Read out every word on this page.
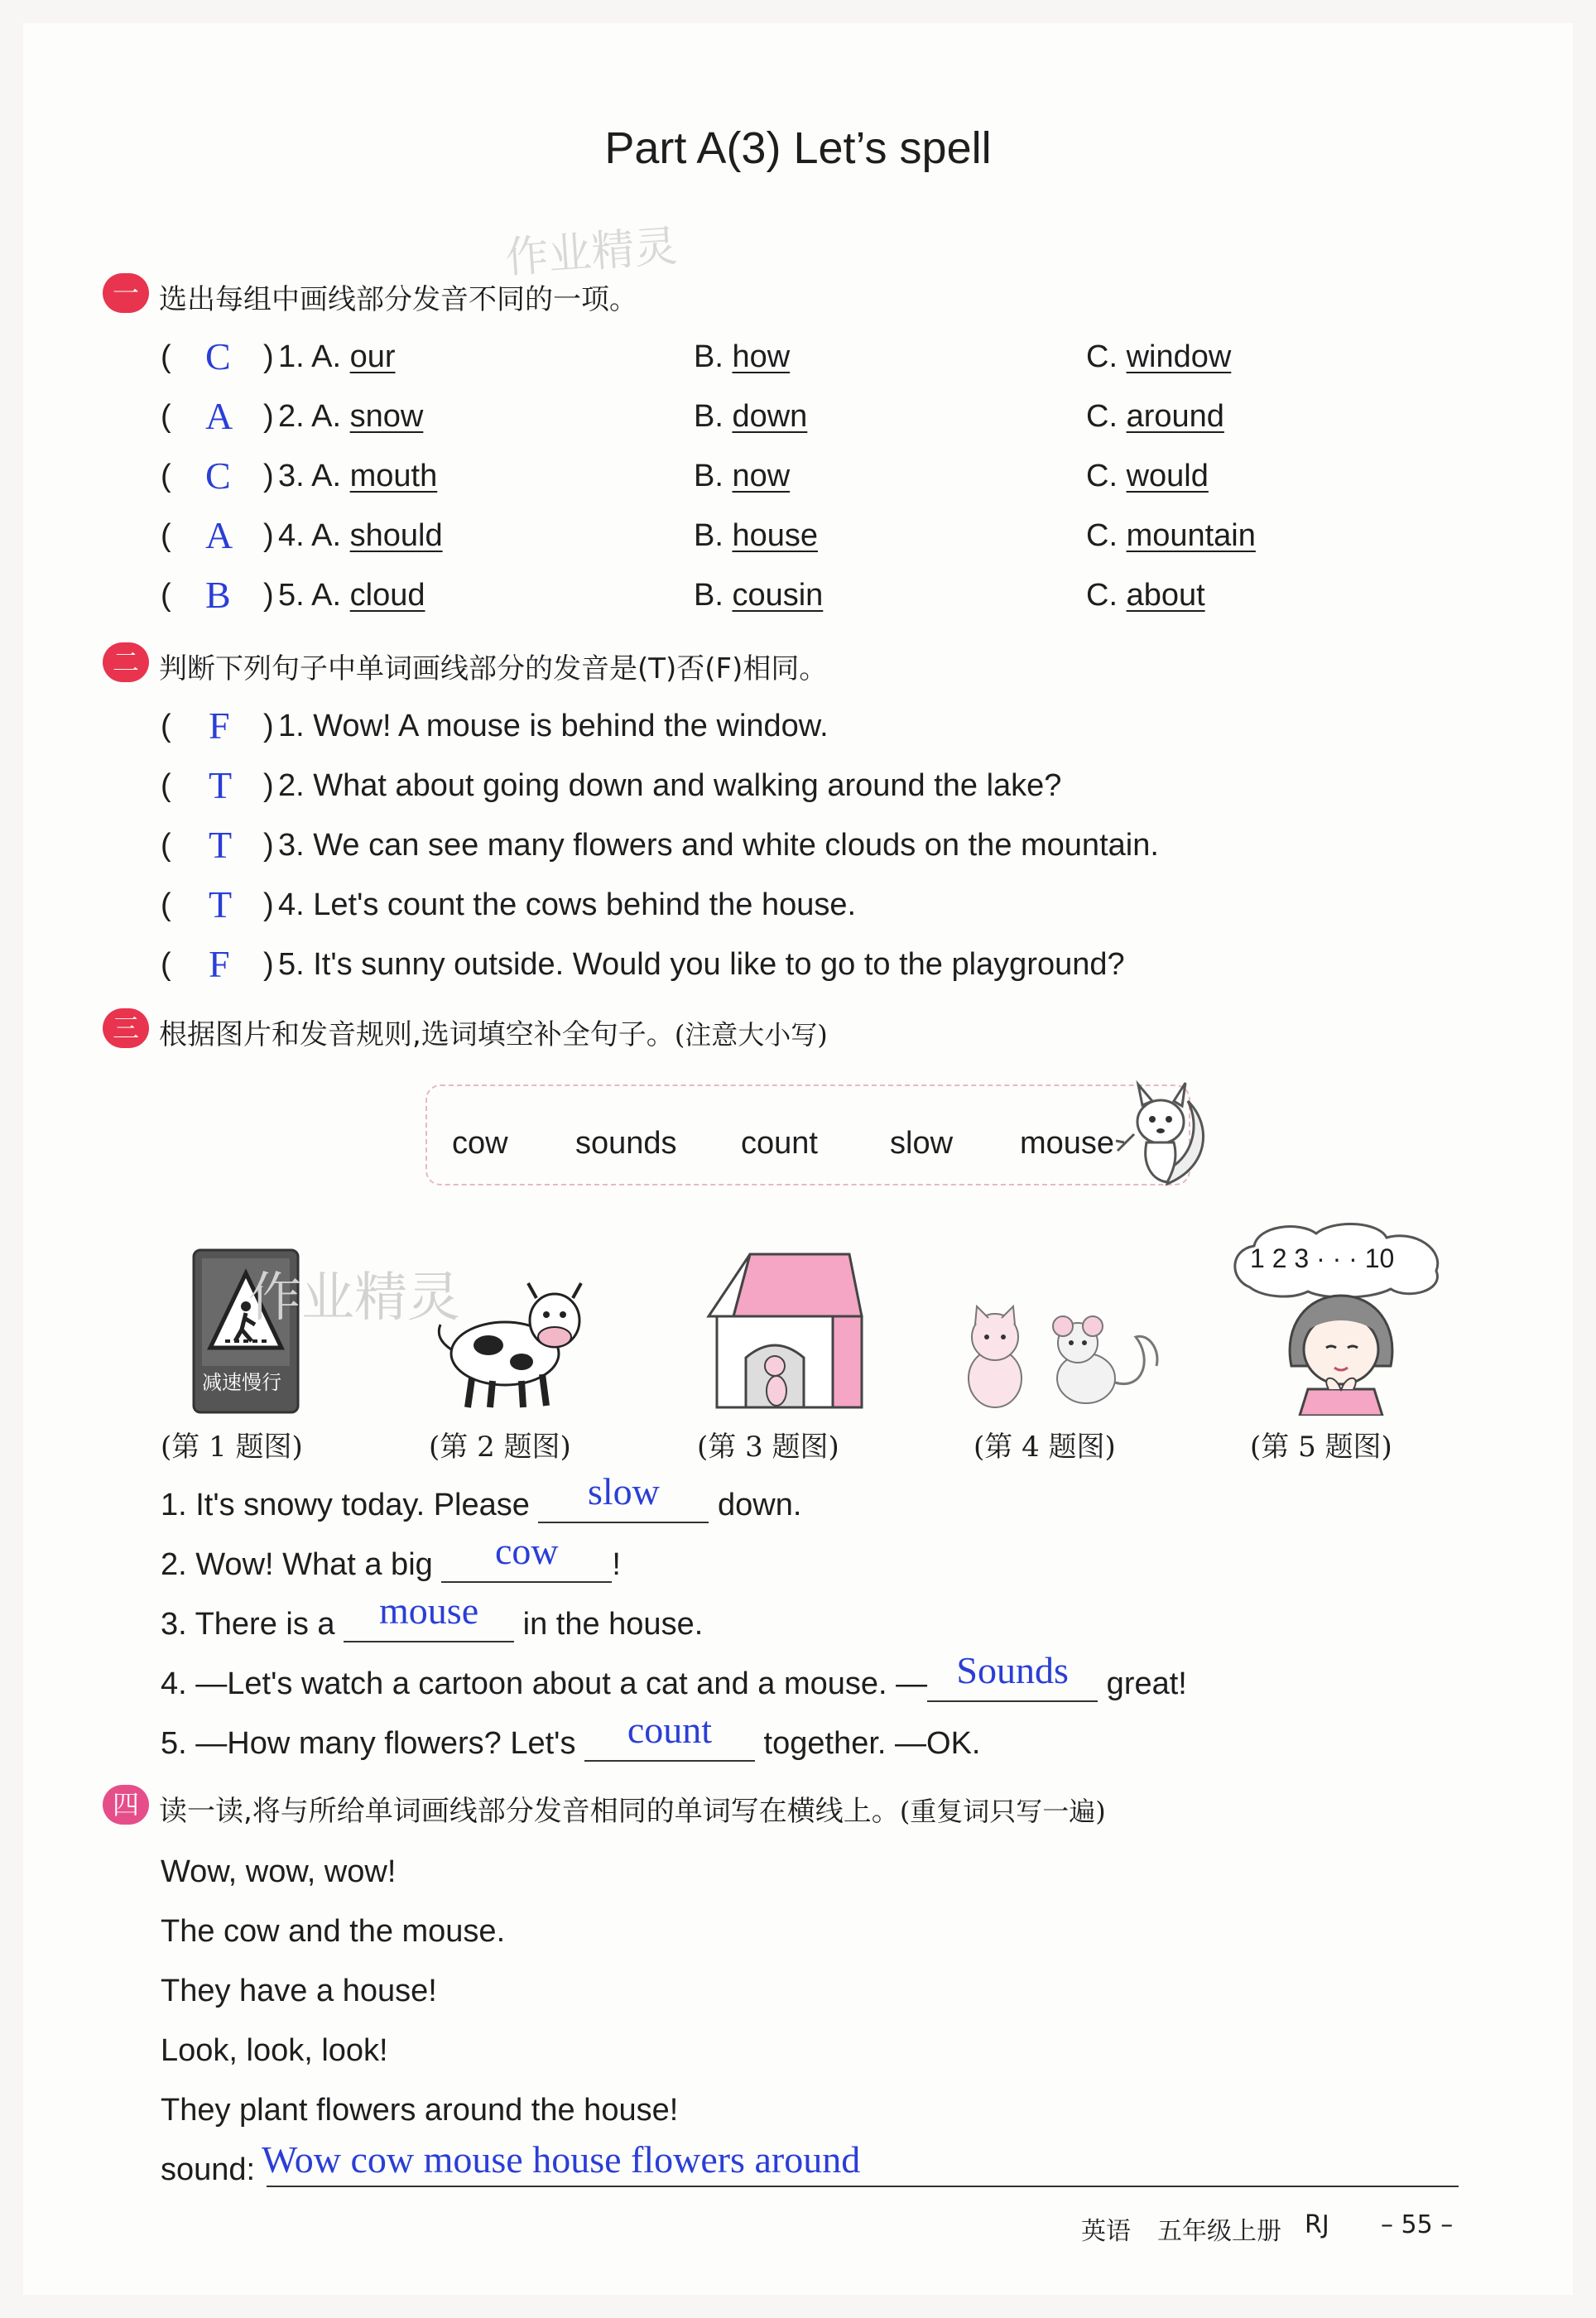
Part A(3) Let’s spell
作业精灵
一 选出每组中画线部分发音不同的一项。
( C ) 1. A. our	B. how	C. window
( A ) 2. A. snow	B. down	C. around
( C ) 3. A. mouth	B. now	C. would
( A ) 4. A. should	B. house	C. mountain
( B ) 5. A. cloud	B. cousin	C. about
二 判断下列句子中单词画线部分的发音是(T)否(F)相同。
( F ) 1. Wow! A mouse is behind the window.
( T ) 2. What about going down and walking around the lake?
( T ) 3. We can see many flowers and white clouds on the mountain.
( T ) 4. Let's count the cows behind the house.
( F ) 5. It's sunny outside. Would you like to go to the playground?
三 根据图片和发音规则,选词填空补全句子。(注意大小写)
cow sounds count slow mouse
减速慢行
作业精灵
1 2 3 · · · 10
(第 1 题图)	(第 2 题图)	(第 3 题图)	(第 4 题图)	(第 5 题图)
1. It's snowy today. Please	slow	down.
2. Wow! What a big	cow	!
3. There is a mouse	in the house.
4. —Let's watch a cartoon about a cat and a mouse. — Sounds great!
5. —How many flowers? Let's	count	together. —OK.
四 读一读,将与所给单词画线部分发音相同的单词写在横线上。(重复词只写一遍)
Wow, wow, wow!
The cow and the mouse.
They have a house!
Look, look, look!
They plant flowers around the house!
sound: Wow cow mouse house flowers around
英语 五年级上册 RJ – 55 –
